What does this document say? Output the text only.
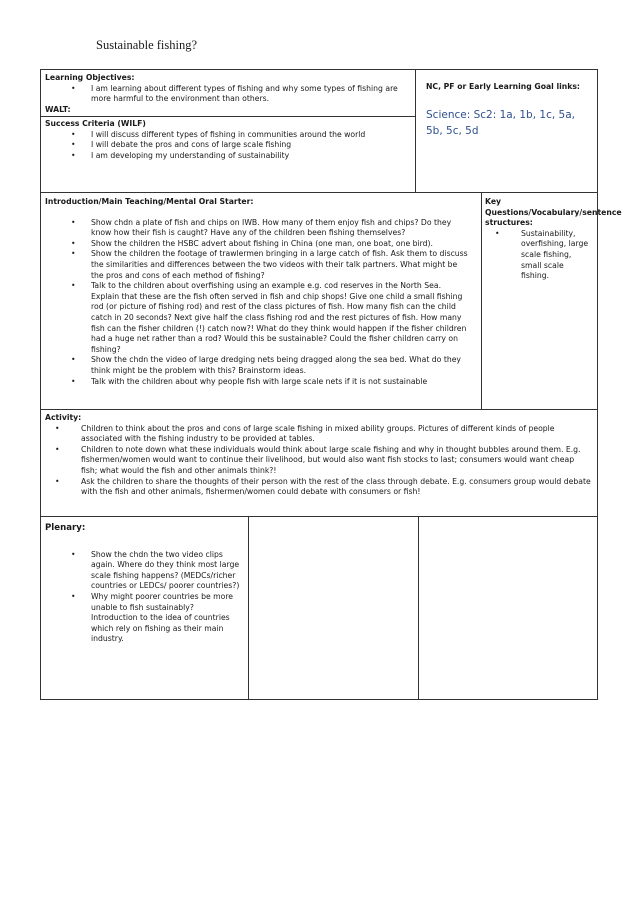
Sustainable fishing?
Learning Objectives:
• I am learning about different types of fishing and why some types of fishing are more harmful to the environment than others.
WALT:
NC, PF or Early Learning Goal links:
Science: Sc2: 1a, 1b, 1c, 5a, 5b, 5c, 5d
Success Criteria (WILF)
• I will discuss different types of fishing in communities around the world
• I will debate the pros and cons of large scale fishing
• I am developing my understanding of sustainability
Introduction/Main Teaching/Mental Oral Starter:
• Show chdn a plate of fish and chips on IWB. How many of them enjoy fish and chips? Do they know how their fish is caught? Have any of the children been fishing themselves?
• Show the children the HSBC advert about fishing in China (one man, one boat, one bird).
• Show the children the footage of trawlermen bringing in a large catch of fish. Ask them to discuss the similarities and differences between the two videos with their talk partners. What might be the pros and cons of each method of fishing?
• Talk to the children about overfishing using an example e.g. cod reserves in the North Sea. Explain that these are the fish often served in fish and chip shops! Give one child a small fishing rod (or picture of fishing rod) and rest of the class pictures of fish. How many fish can the child catch in 20 seconds? Next give half the class fishing rod and the rest pictures of fish. How many fish can the fisher children (!) catch now?! What do they think would happen if the fisher children had a huge net rather than a rod? Would this be sustainable? Could the fisher children carry on fishing?
• Show the chdn the video of large dredging nets being dragged along the sea bed. What do they think might be the problem with this? Brainstorm ideas.
• Talk with the children about why people fish with large scale nets if it is not sustainable
Key Questions/Vocabulary/sentence structures:
• Sustainability, overfishing, large scale fishing, small scale fishing.
Activity:
• Children to think about the pros and cons of large scale fishing in mixed ability groups. Pictures of different kinds of people associated with the fishing industry to be provided at tables.
• Children to note down what these individuals would think about large scale fishing and why in thought bubbles around them. E.g. fishermen/women would want to continue their livelihood, but would also want fish stocks to last; consumers would want cheap fish; what would the fish and other animals think?!
• Ask the children to share the thoughts of their person with the rest of the class through debate. E.g. consumers group would debate with the fish and other animals, fishermen/women could debate with consumers or fish!
Plenary:
• Show the chdn the two video clips again. Where do they think most large scale fishing happens? (MEDCs/richer countries or LEDCs/ poorer countries?)
• Why might poorer countries be more unable to fish sustainably? Introduction to the idea of countries which rely on fishing as their main industry.
